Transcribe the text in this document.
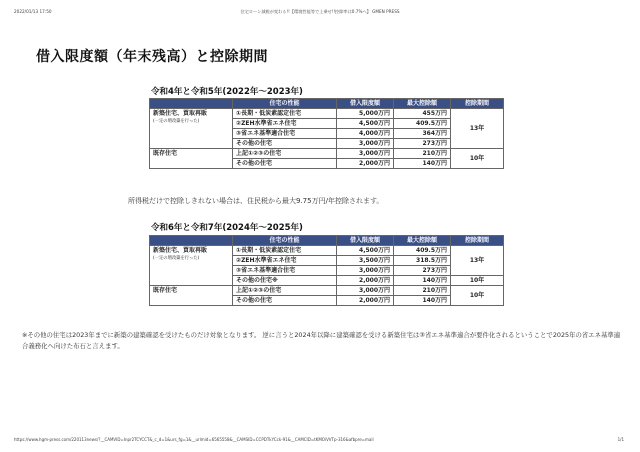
2022/01/13 17:50	住宅ローン減税が変わる!!【環境性能等で上乗せ!!控除率は0.7%へ】 GMEN PRESS
借入限度額（年末残高）と控除期間
令和4年と令和5年(2022年～2023年)
	住宅の性能	借入限度額	最大控除額	控除期間

新築住宅、買取再販
(一定の増改築を行った)	①長期・低炭素認定住宅	5,000万円	455万円	13年
	②ZEH水準省エネ住宅	4,500万円	409.5万円	
	③省エネ基準適合住宅	4,000万円	364万円	
	その他の住宅	3,000万円	273万円	
既存住宅	上記①②③の住宅	3,000万円	210万円	10年
	その他の住宅	2,000万円	140万円	
所得税だけで控除しきれない場合は、住民税から最大9.75万円/年控除されます。
令和6年と令和7年(2024年～2025年)
	住宅の性能	借入限度額	最大控除額	控除期間

新築住宅、買取再販
(一定の増改築を行った)	①長期・低炭素認定住宅	4,500万円	409.5万円	13年
	②ZEH水準省エネ住宅	3,500万円	318.5万円	
	③省エネ基準適合住宅	3,000万円	273万円	
	その他の住宅※	2,000万円	140万円	10年
既存住宅	上記①②③の住宅	3,000万円	210万円	10年
	その他の住宅	2,000万円	140万円	
※その他の住宅は2023年までに新築の建築確認を受けたものだけ対象となります。 逆に言うと2024年以降に建築確認を受ける新築住宅は③省エネ基準適合が要件化されるということで2025年の省エネ基準適合義務化へ向けた布石と言えます。
https://www.hgm-press.com/220113news/?__CAMVID=Inpr2TCYCCT&_c_d=1&urs_fg=1&__urlmid=6565558&__CAMSID=CCPDTkYCck-91&__CAMCID=tKMOiVVTp-316&afbpre=mail	1/1
